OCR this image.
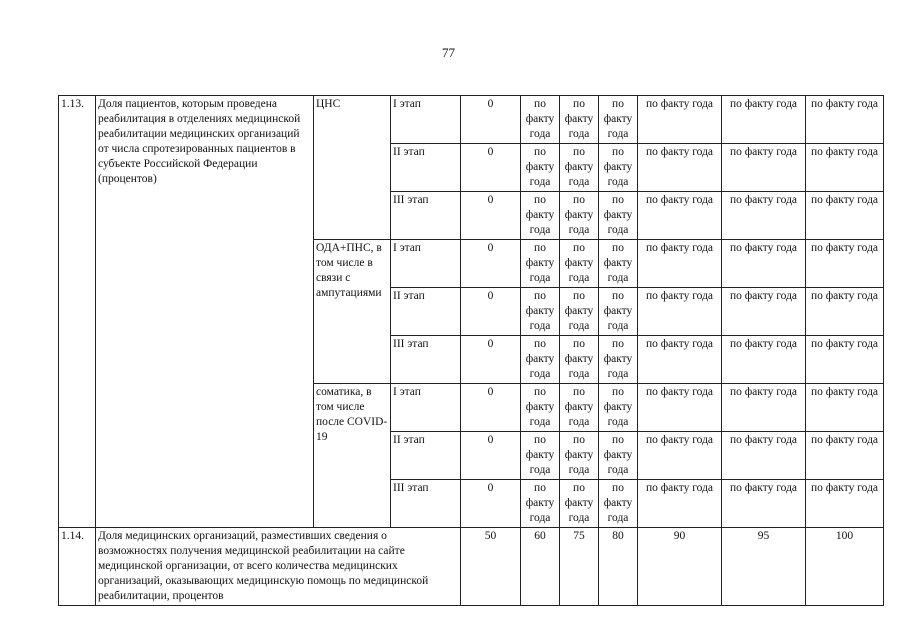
77
1.13.	Доля пациентов, которым проведена реабилитация в отделениях медицинской реабилитации медицинских организаций от числа спротезированных пациентов в субъекте Российской Федерации (процентов)	ЦНС	I этап	0	по факту года	по факту года	по факту года	по факту года	по факту года	по факту года
			II этап	0	по факту года	по факту года	по факту года	по факту года	по факту года	по факту года
			III этап	0	по факту года	по факту года	по факту года	по факту года	по факту года	по факту года
		ОДА+ПНС, в том числе в связи с ампутациями	I этап	0	по факту года	по факту года	по факту года	по факту года	по факту года	по факту года
			II этап	0	по факту года	по факту года	по факту года	по факту года	по факту года	по факту года
			III этап	0	по факту года	по факту года	по факту года	по факту года	по факту года	по факту года
		соматика, в том числе после COVID-19	I этап	0	по факту года	по факту года	по факту года	по факту года	по факту года	по факту года
			II этап	0	по факту года	по факту года	по факту года	по факту года	по факту года	по факту года
			III этап	0	по факту года	по факту года	по факту года	по факту года	по факту года	по факту года
1.14.	Доля медицинских организаций, разместивших сведения о возможностях получения медицинской реабилитации на сайте медицинской организации, от всего количества медицинских организаций, оказывающих медицинскую помощь по медицинской реабилитации, процентов			50	60	75	80	90	95	100
